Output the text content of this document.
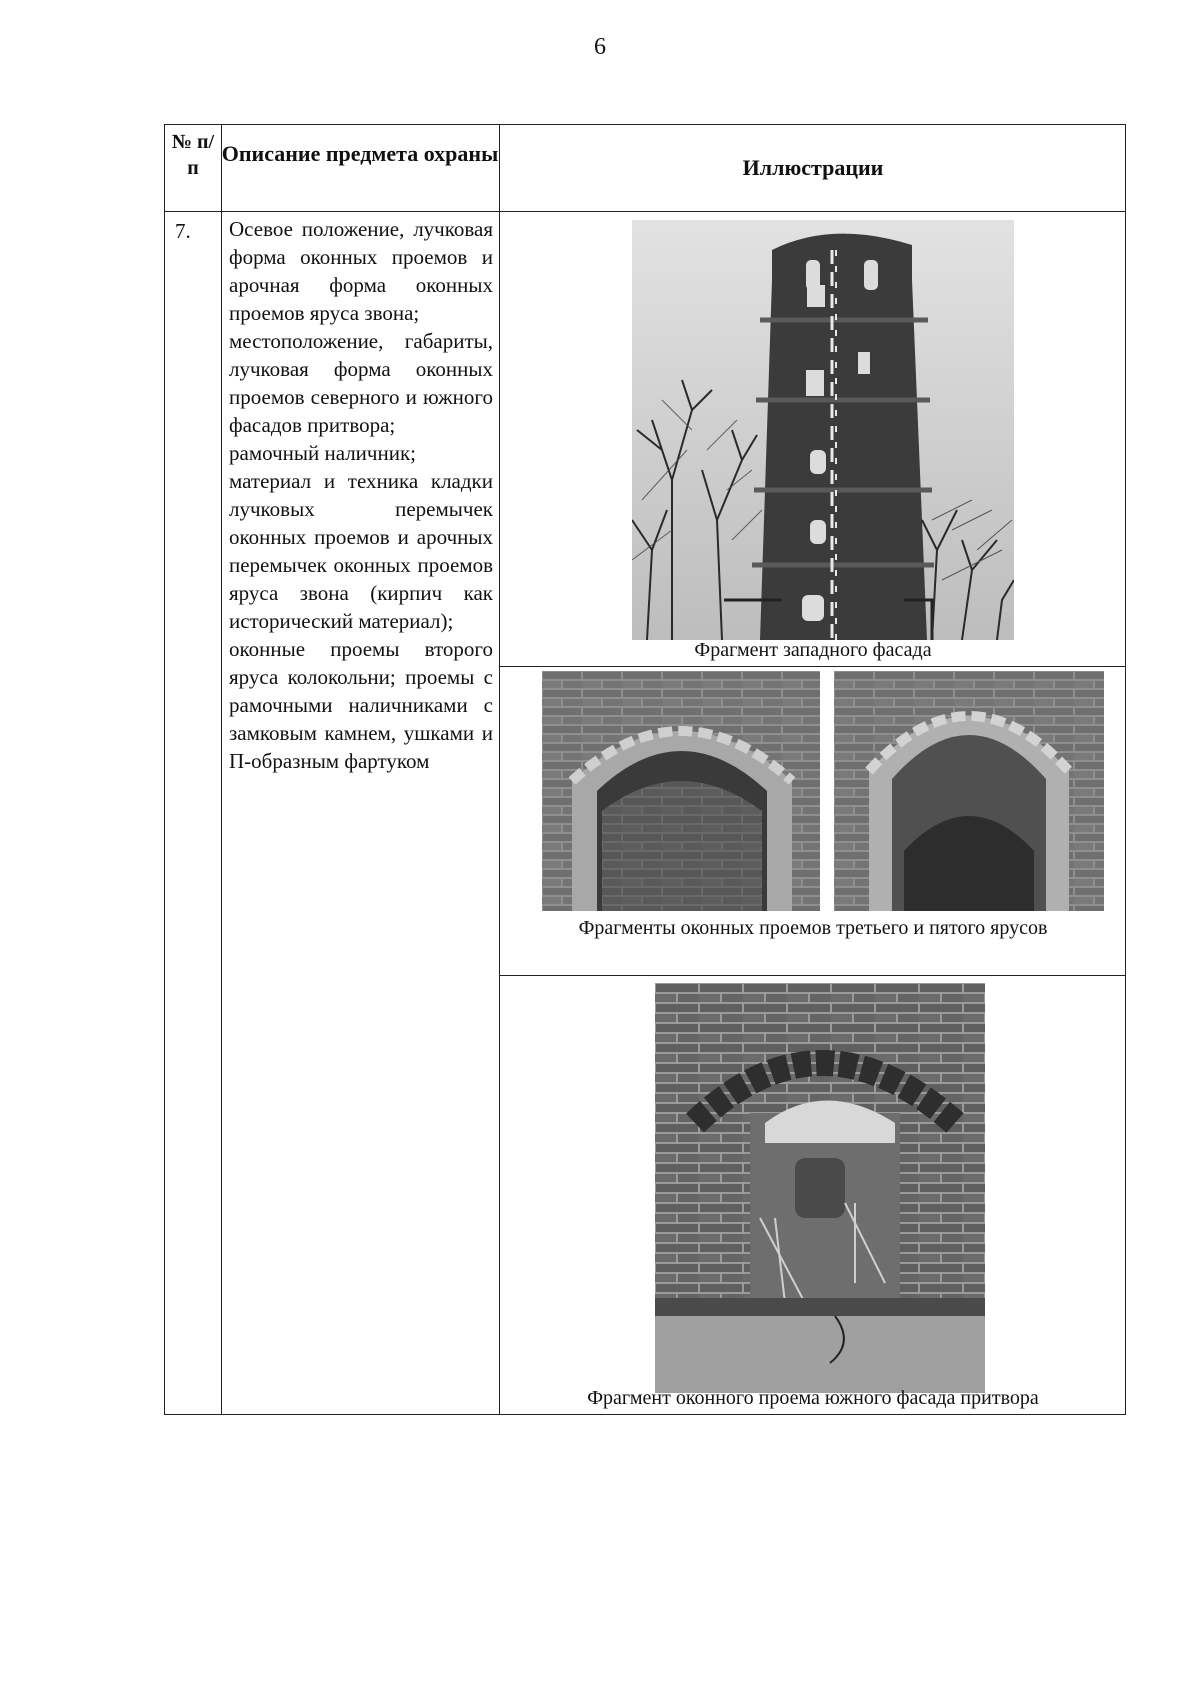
6
№ п/ п
Описание предмета охраны
Иллюстрации
7.	Осевое положение, лучковая форма оконных проемов и арочная форма оконных проемов яруса звона;

местоположение, габариты, лучковая форма оконных проемов северного и южного фасадов притвора;

рамочный наличник;

материал и техника кладки лучковых перемычек оконных проемов и арочных перемычек оконных проемов яруса звона (кирпич как исторический материал);

оконные проемы второго яруса колокольни; проемы с рамочными наличниками с замковым камнем, ушками и П-образным фартуком

Фрагмент западного фасада
Фрагменты оконных проемов третьего и пятого ярусов
Фрагмент оконного проема южного фасада притвора
